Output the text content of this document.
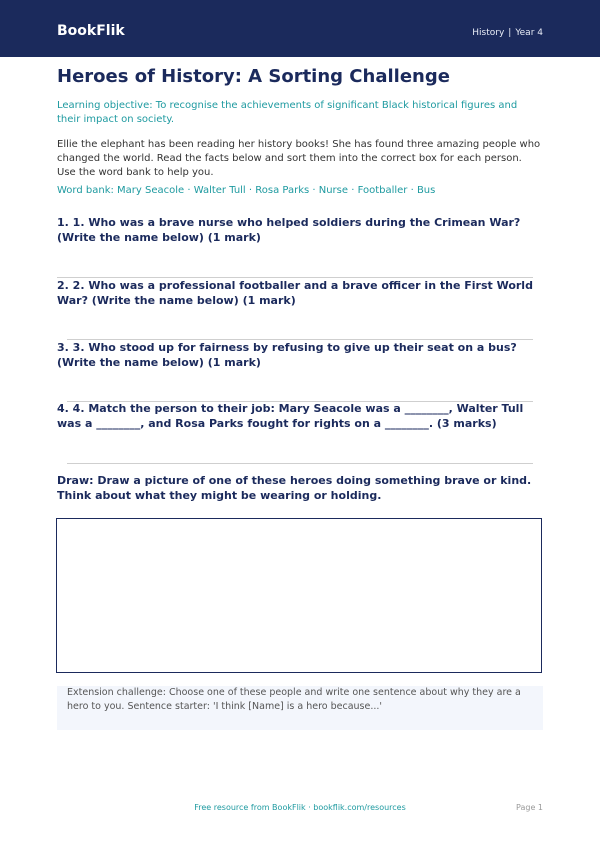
BookFlik	History | Year 4
Heroes of History: A Sorting Challenge
Learning objective: To recognise the achievements of significant Black historical figures and their impact on society.
Ellie the elephant has been reading her history books! She has found three amazing people who changed the world. Read the facts below and sort them into the correct box for each person. Use the word bank to help you.
Word bank: Mary Seacole · Walter Tull · Rosa Parks · Nurse · Footballer · Bus
1. 1. Who was a brave nurse who helped soldiers during the Crimean War? (Write the name below) (1 mark)
2. 2. Who was a professional footballer and a brave officer in the First World War? (Write the name below) (1 mark)
3. 3. Who stood up for fairness by refusing to give up their seat on a bus? (Write the name below) (1 mark)
4. 4. Match the person to their job: Mary Seacole was a ________, Walter Tull was a ________, and Rosa Parks fought for rights on a ________. (3 marks)
Draw: Draw a picture of one of these heroes doing something brave or kind. Think about what they might be wearing or holding.
Extension challenge: Choose one of these people and write one sentence about why they are a hero to you. Sentence starter: 'I think [Name] is a hero because...'
Free resource from BookFlik · bookflik.com/resources	Page 1
